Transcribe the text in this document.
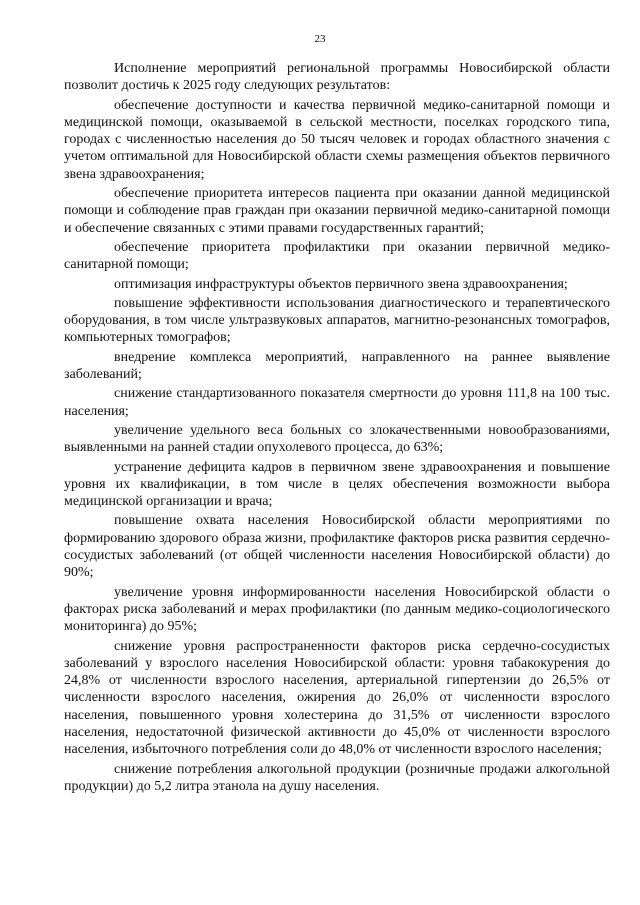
23

Исполнение мероприятий региональной программы Новосибирской области позволит достичь к 2025 году следующих результатов:

обеспечение доступности и качества первичной медико-санитарной помощи и медицинской помощи, оказываемой в сельской местности, поселках городского типа, городах с численностью населения до 50 тысяч человек и городах областного значения с учетом оптимальной для Новосибирской области схемы размещения объектов первичного звена здравоохранения;

обеспечение приоритета интересов пациента при оказании данной медицинской помощи и соблюдение прав граждан при оказании первичной медико-санитарной помощи и обеспечение связанных с этими правами государственных гарантий;

обеспечение приоритета профилактики при оказании первичной медико-санитарной помощи;

оптимизация инфраструктуры объектов первичного звена здравоохранения;

повышение эффективности использования диагностического и терапевтического оборудования, в том числе ультразвуковых аппаратов, магнитно-резонансных томографов, компьютерных томографов;

внедрение комплекса мероприятий, направленного на раннее выявление заболеваний;

снижение стандартизованного показателя смертности до уровня 111,8 на 100 тыс. населения;

увеличение удельного веса больных со злокачественными новообразованиями, выявленными на ранней стадии опухолевого процесса, до 63%;

устранение дефицита кадров в первичном звене здравоохранения и повышение уровня их квалификации, в том числе в целях обеспечения возможности выбора медицинской организации и врача;

повышение охвата населения Новосибирской области мероприятиями по формированию здорового образа жизни, профилактике факторов риска развития сердечно-сосудистых заболеваний (от общей численности населения Новосибирской области) до 90%;

увеличение уровня информированности населения Новосибирской области о факторах риска заболеваний и мерах профилактики (по данным медико-социологического мониторинга) до 95%;

снижение уровня распространенности факторов риска сердечно-сосудистых заболеваний у взрослого населения Новосибирской области: уровня табакокурения до 24,8% от численности взрослого населения, артериальной гипертензии до 26,5% от численности взрослого населения, ожирения до 26,0% от численности взрослого населения, повышенного уровня холестерина до 31,5% от численности взрослого населения, недостаточной физической активности до 45,0% от численности взрослого населения, избыточного потребления соли до 48,0% от численности взрослого населения;

снижение потребления алкогольной продукции (розничные продажи алкогольной продукции) до 5,2 литра этанола на душу населения.
